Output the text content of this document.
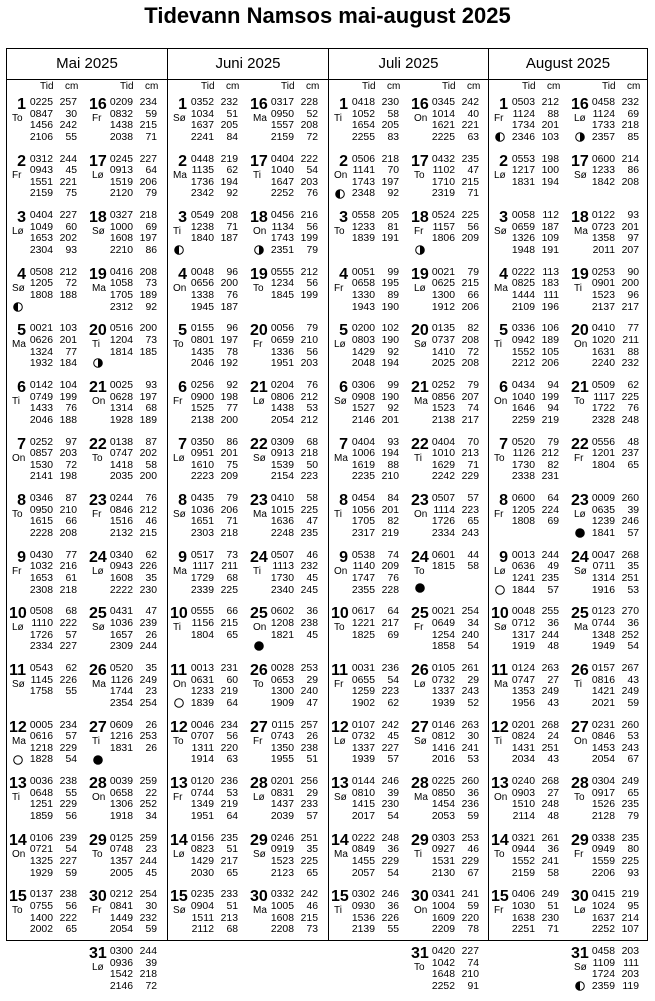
Tidevann Namsos mai-august 2025
Mai 2025
Tid cm	Tid cm
1
To
0225 257
0847	30
1456 242
2106	55
2
Fr
0312 244
0943	45
1551 221
2159	75
3
Lø
0404 227
1049	60
1653 202
2304	93
4
Sø
0508 212
1205	72
1808 188
5
Ma
0021 103
0626 201
1324	77
1932 184
6
Ti
0142 104
0749 199
1433	76
2046 188
7
On
0252	97
0857 203
1530	72
2141 198
8
To
0346	87
0950 210
1615	66
2228 208
9
Fr
0430	77
1032 216
1653	61
2308 218
10
Lø
0508	68
1110 222
1726	57
2334 227
11
Sø
0543	62
1145 226
1758	55
12
Ma
0005 234
0616	57
1218 229
1828	54
13
Ti
0036 238
0648	55
1251 229
1859	56
14
On
0106 239
0721	54
1325 227
1929	59
15
To
0137 238
0755	56
1400 222
2002	65
16
Fr
0209 234
0832	59
1438 215
2038	71
17
Lø
0245 227
0913	64
1519 206
2120	79
18
Sø
0327 218
1000	69
1608 197
2210	86
19
Ma
0416 208
1058	73
1705 189
2312	92
20
Ti
0516 200
1204	73
1814 185
21
On
0025	93
0628 197
1314	68
1928 189
22
To
0138	87
0747 202
1418	58
2035 200
23
Fr
0244	76
0846 212
1516	46
2132 215
24
Lø
0340	62
0943 226
1608	35
2222 230
25
Sø
0431	47
1036 239
1657	26
2309 244
26
Ma
0520	35
1126 249
1744	23
2354 254
27
Ti
0609	26
1216 253
1831	26
28
On
0039 259
0658	22
1306 252
1918	34
29
To
0125 259
0748	23
1357 244
2005	45
30
Fr
0212 254
0841	30
1449 232
2054	59
31
Lø
0300 244
0936	39
1542 218
2146	72
Juni 2025
Tid cm	Tid cm
1
Sø
0352 232
1034	51
1637 205
2241	84
2
Ma
0448 219
1135	62
1736 194
2342	92
3
Ti
0549 208
1238	71
1840 187
4
On
0048	96
0656 200
1338	76
1945 187
5
To
0155	96
0801 197
1435	78
2046 192
6
Fr
0256	92
0900 198
1525	77
2138 200
7
Lø
0350	86
0951 201
1610	75
2223 209
8
Sø
0435	79
1036 206
1651	71
2303 218
9
Ma
0517	73
1117 211
1729	68
2339 225
10
Ti
0555	66
1156 215
1804	65
11
On
0013 231
0631	60
1233 219
1839	64
12
To
0046 234
0707	56
1311 220
1914	63
13
Fr
0120 236
0744	53
1349 219
1951	64
14
Lø
0156 235
0823	51
1429 217
2030	65
15
Sø
0235 233
0904	51
1511 213
2112	68
16
Ma
0317 228
0950	52
1557 208
2159	72
17
Ti
0404 222
1040	54
1647 203
2252	76
18
On
0456 216
1134	56
1743 199
2351	79
19
To
0555 212
1234	56
1845 199
20
Fr
0056	79
0659 210
1336	56
1951 203
21
Lø
0204	76
0806 212
1438	53
2054 212
22
Sø
0309	68
0913 218
1539	50
2154 223
23
Ma
0410	58
1015 225
1636	47
2248 235
24
Ti
0507	46
1113 232
1730	45
2340 245
25
On
0602	36
1208 238
1821	45
26
To
0028 253
0653	29
1300 240
1909	47
27
Fr
0115 257
0743	26
1350 238
1955	51
28
Lø
0201 256
0831	29
1437 233
2039	57
29
Sø
0246 251
0919	35
1523 225
2123	65
30
Ma
0332 242
1005	46
1608 215
2208	73
Juli 2025
Tid cm	Tid cm
1
Ti
0418 230
1052	58
1654 205
2255	83
2
On
0506 218
1141	70
1743 197
2348	92
3
To
0558 205
1233	81
1839 191
4
Fr
0051	99
0658 195
1330	89
1943 190
5
Lø
0200 102
0803 190
1429	92
2048 194
6
Sø
0306	99
0908 190
1527	92
2146 201
7
Ma
0404	93
1006 194
1619	88
2235 210
8
Ti
0454	84
1056 201
1705	82
2317 219
9
On
0538	74
1140 209
1747	76
2355 228
10
To
0617	64
1221 217
1825	69
11
Fr
0031 236
0655	54
1259 223
1902	62
12
Lø
0107 242
0732	45
1337 227
1939	57
13
Sø
0144 246
0810	39
1415 230
2017	54
14
Ma
0222 248
0849	36
1455 229
2057	54
15
Ti
0302 246
0930	36
1536 226
2139	55
16
On
0345 242
1014	40
1621 221
2225	63
17
To
0432 235
1102	47
1710 215
2319	71
18
Fr
0524 225
1157	56
1806 209
19
Lø
0021	79
0625 215
1300	66
1912 206
20
Sø
0135	82
0737 208
1410	72
2025 208
21
Ma
0252	79
0856 207
1523	74
2138 217
22
Ti
0404	70
1010 213
1629	71
2242 229
23
On
0507	57
1114 223
1726	65
2334 243
24
To
0601	44
1815	58
25
Fr
0021 254
0649	34
1254 240
1858	54
26
Lø
0105 261
0732	29
1337 243
1939	52
27
Sø
0146 263
0812	30
1416 241
2016	53
28
Ma
0225 260
0850	36
1454 236
2053	59
29
Ti
0303 253
0927	46
1531 229
2130	67
30
On
0341 241
1004	59
1609 220
2209	78
31
To
0420 227
1042	74
1648 210
2252	91
August 2025
Tid cm	Tid cm
1
Fr
0503 212
1124	88
1734 201
2346 103
2
Lø
0553 198
1217 100
1831 194
3
Sø
0058 112
0659 187
1326 109
1948 191
4
Ma
0222 113
0825 183
1444 111
2109 196
5
Ti
0336 106
0942 189
1552 105
2212 206
6
On
0434	94
1040 199
1646	94
2259 219
7
To
0520	79
1126 212
1730	82
2338 231
8
Fr
0600	64
1205 224
1808	69
9
Lø
0013 244
0636	49
1241 235
1844	57
10
Sø
0048 255
0712	36
1317 244
1919	48
11
Ma
0124 263
0747	27
1353 249
1956	43
12
Ti
0201 268
0824	24
1431 251
2034	43
13
On
0240 268
0903	27
1510 248
2114	48
14
To
0321 261
0944	36
1552 241
2159	58
15
Fr
0406 249
1030	51
1638 230
2251	71
16
Lø
0458 232
1124	69
1733 218
2357	85
17
Sø
0600 214
1233	86
1842 208
18
Ma
0122	93
0723 201
1358	97
2011 207
19
Ti
0253	90
0901 200
1523	96
2137 217
20
On
0410	77
1020 211
1631	88
2240 232
21
To
0509	62
1117 225
1722	76
2328 248
22
Fr
0556	48
1201 237
1804	65
23
Lø
0009 260
0635	39
1239 246
1841	57
24
Sø
0047 268
0711	35
1314 251
1916	53
25
Ma
0123 270
0744	36
1348 252
1949	54
26
Ti
0157 267
0816	43
1421 249
2021	59
27
On
0231 260
0846	53
1453 243
2054	67
28
To
0304 249
0917	65
1526 235
2128	79
29
Fr
0338 235
0949	80
1559 225
2206	93
30
Lø
0415 219
1024	95
1637 214
2252 107
31
Sø
0458 203
1109 111
1724 203
2359 119
